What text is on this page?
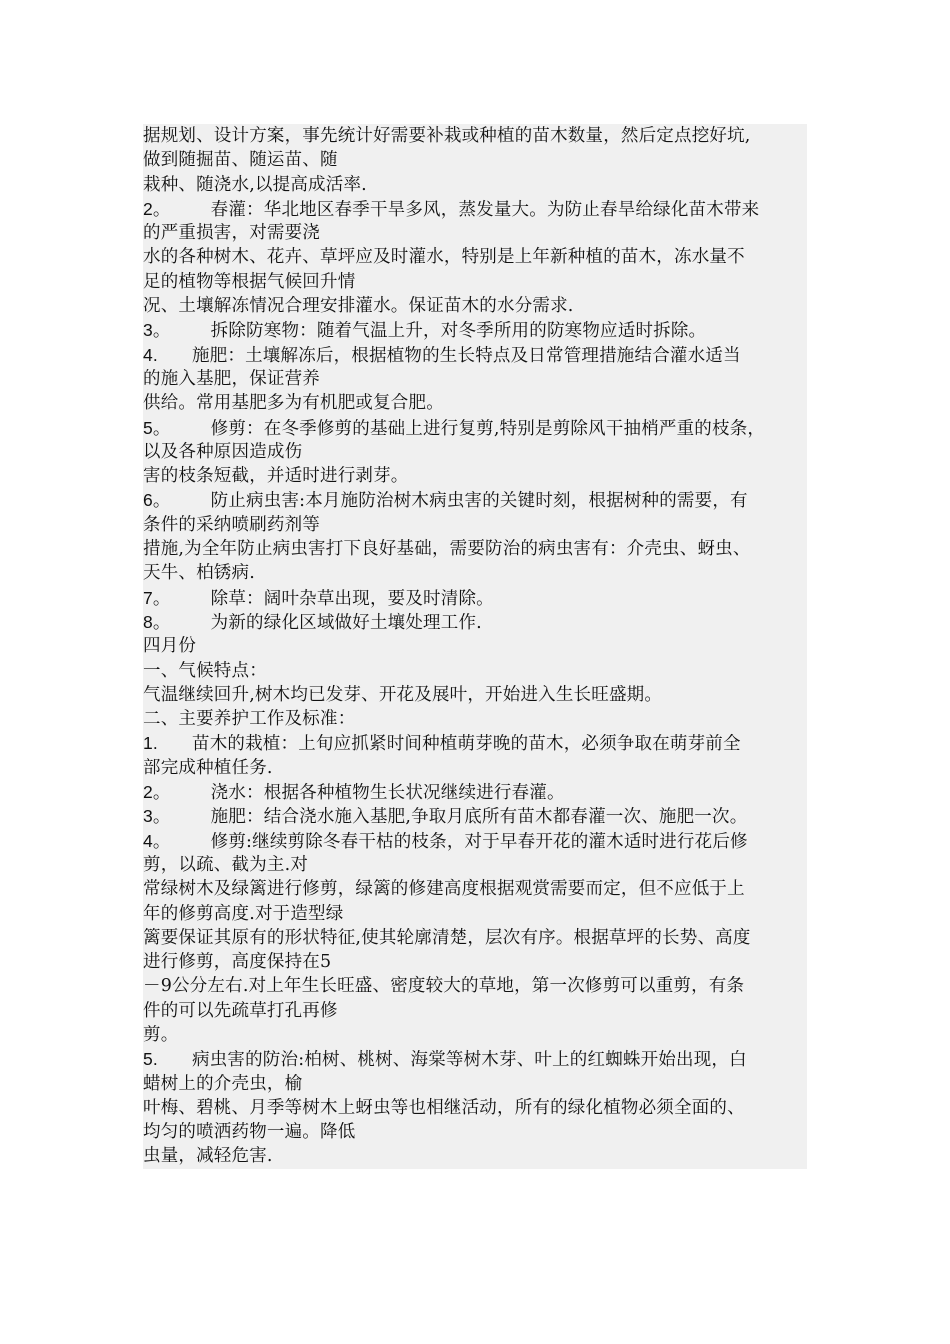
据规划、设计方案，事先统计好需要补栽或种植的苗木数量，然后定点挖好坑,
做到随掘苗、随运苗、随
栽种、随浇水,以提高成活率.
2。 春灌：华北地区春季干旱多风，蒸发量大。为防止春旱给绿化苗木带来
的严重损害，对需要浇
水的各种树木、花卉、草坪应及时灌水，特别是上年新种植的苗木，冻水量不
足的植物等根据气候回升情
况、土壤解冻情况合理安排灌水。保证苗木的水分需求.
3。 拆除防寒物：随着气温上升，对冬季所用的防寒物应适时拆除。
4. 施肥：土壤解冻后，根据植物的生长特点及日常管理措施结合灌水适当
的施入基肥，保证营养
供给。常用基肥多为有机肥或复合肥。
5。 修剪：在冬季修剪的基础上进行复剪,特别是剪除风干抽梢严重的枝条，
以及各种原因造成伤
害的枝条短截，并适时进行剥芽。
6。 防止病虫害:本月施防治树木病虫害的关键时刻，根据树种的需要，有
条件的采纳喷刷药剂等
措施,为全年防止病虫害打下良好基础，需要防治的病虫害有：介壳虫、蚜虫、
天牛、柏锈病.
7。 除草：阔叶杂草出现，要及时清除。
8。 为新的绿化区域做好土壤处理工作.
四月份
一、气候特点：
气温继续回升,树木均已发芽、开花及展叶，开始进入生长旺盛期。
二、主要养护工作及标准：
1. 苗木的栽植：上旬应抓紧时间种植萌芽晚的苗木，必须争取在萌芽前全
部完成种植任务.
2。 浇水：根据各种植物生长状况继续进行春灌。
3。 施肥：结合浇水施入基肥,争取月底所有苗木都春灌一次、施肥一次。
4。 修剪:继续剪除冬春干枯的枝条，对于早春开花的灌木适时进行花后修
剪，以疏、截为主.对
常绿树木及绿篱进行修剪，绿篱的修建高度根据观赏需要而定，但不应低于上
年的修剪高度.对于造型绿
篱要保证其原有的形状特征,使其轮廓清楚，层次有序。根据草坪的长势、高度
进行修剪，高度保持在5
－9公分左右.对上年生长旺盛、密度较大的草地，第一次修剪可以重剪，有条
件的可以先疏草打孔再修
剪。
5. 病虫害的防治:柏树、桃树、海棠等树木芽、叶上的红蜘蛛开始出现，白
蜡树上的介壳虫，榆
叶梅、碧桃、月季等树木上蚜虫等也相继活动，所有的绿化植物必须全面的、
均匀的喷洒药物一遍。降低
虫量，减轻危害.
